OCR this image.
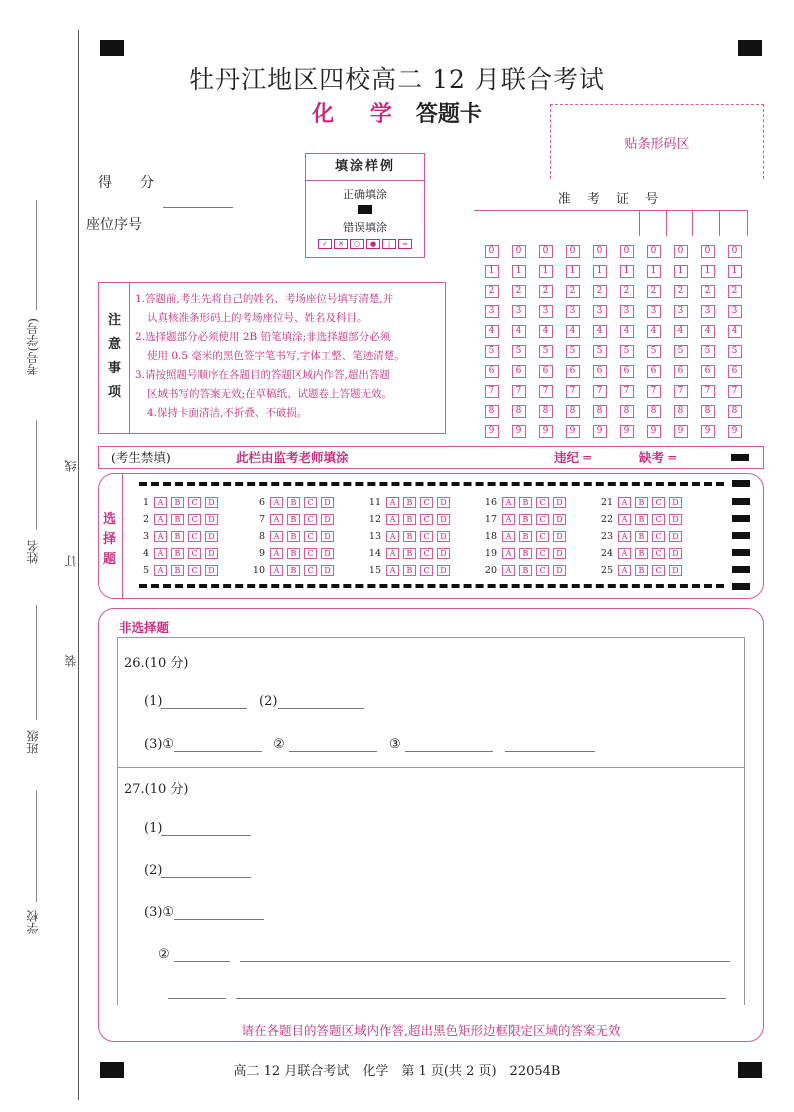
考号(学号)
姓名
班级
学校
线
订
装
牡丹江地区四校高二 12 月联合考试
化 学 答题卡
贴条形码区
得　　分
座位序号
填涂样例
正确填涂
错误填涂
✓	✕	○	●	|	═
准 考 证 号
0	0	0	0	0	0	0	0	0	0
1	1	1	1	1	1	1	1	1	1
2	2	2	2	2	2	2	2	2	2
3	3	3	3	3	3	3	3	3	3
4	4	4	4	4	4	4	4	4	4
5	5	5	5	5	5	5	5	5	5
6	6	6	6	6	6	6	6	6	6
7	7	7	7	7	7	7	7	7	7
8	8	8	8	8	8	8	8	8	8
9	9	9	9	9	9	9	9	9	9
注
意
事
项

1.答题前,考生先将自己的姓名、考场座位号填写清楚,并

认真核准条形码上的考场座位号、姓名及科目。

2.选择题部分必须使用 2B 铅笔填涂;非选择题部分必须

使用 0.5 毫米的黑色签字笔书写,字体工整、笔迹清楚。

3.请按照题号顺序在各题目的答题区域内作答,超出答题

区域书写的答案无效;在草稿纸、试题卷上答题无效。

4.保持卡面清洁,不折叠、不破损。

(考生禁填)	此栏由监考老师填涂	违纪 ═	缺考 ═
选
择
题
1	A	B	C	D
2	A	B	C	D
3	A	B	C	D
4	A	B	C	D
5	A	B	C	D
6	A	B	C	D
7	A	B	C	D
8	A	B	C	D
9	A	B	C	D
10	A	B	C	D
11	A	B	C	D
12	A	B	C	D
13	A	B	C	D
14	A	B	C	D
15	A	B	C	D
16	A	B	C	D
17	A	B	C	D
18	A	B	C	D
19	A	B	C	D
20	A	B	C	D
21	A	B	C	D
22	A	B	C	D
23	A	B	C	D
24	A	B	C	D
25	A	B	C	D
非选择题
26.(10 分)
(1)	(2)
(3)①	②	③
27.(10 分)
(1)
(2)
(3)①
②
请在各题目的答题区域内作答,超出黑色矩形边框限定区域的答案无效
高二 12 月联合考试　化学　第 1 页(共 2 页)　22054B
